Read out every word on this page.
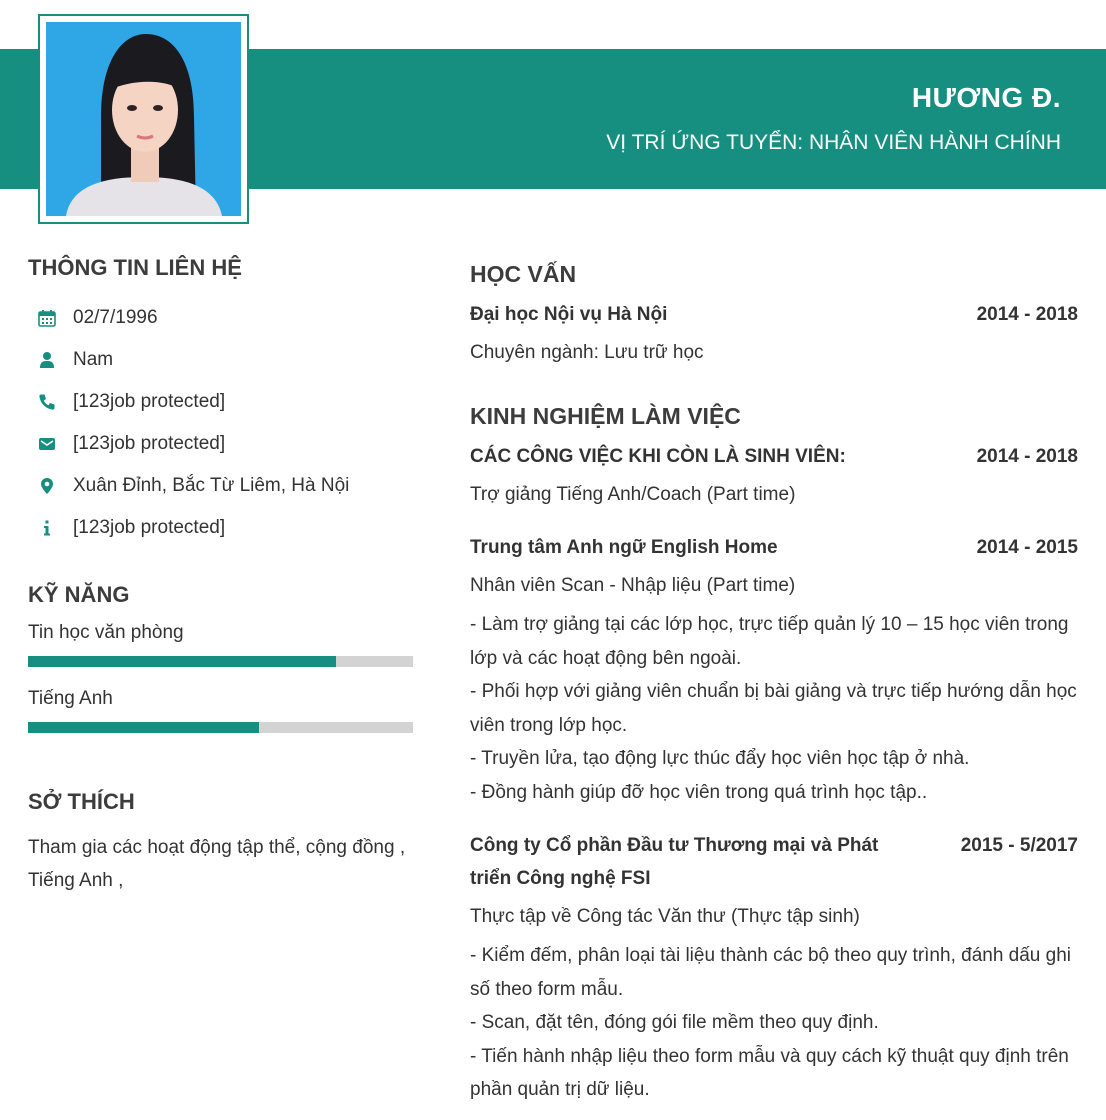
HƯƠNG Đ.
VỊ TRÍ ỨNG TUYỂN: NHÂN VIÊN HÀNH CHÍNH
THÔNG TIN LIÊN HỆ
02/7/1996
Nam
[123job protected]
[123job protected]
Xuân Đỉnh, Bắc Từ Liêm, Hà Nội
[123job protected]
KỸ NĂNG
Tin học văn phòng
Tiếng Anh
SỞ THÍCH
Tham gia các hoạt động tập thể, cộng đồng , Tiếng Anh ,
HỌC VẤN
Đại học Nội vụ Hà Nội	2014 - 2018
Chuyên ngành: Lưu trữ học
KINH NGHIỆM LÀM VIỆC
CÁC CÔNG VIỆC KHI CÒN LÀ SINH VIÊN:	2014 - 2018
Trợ giảng Tiếng Anh/Coach (Part time)
Trung tâm Anh ngữ English Home	2014 - 2015
Nhân viên Scan - Nhập liệu (Part time)
- Làm trợ giảng tại các lớp học, trực tiếp quản lý 10 – 15 học viên trong lớp và các hoạt động bên ngoài.
- Phối hợp với giảng viên chuẩn bị bài giảng và trực tiếp hướng dẫn học viên trong lớp học.
- Truyền lửa, tạo động lực thúc đẩy học viên học tập ở nhà.
- Đồng hành giúp đỡ học viên trong quá trình học tập..
Công ty Cổ phần Đầu tư Thương mại và Phát triển Công nghệ FSI
2015 - 5/2017
Thực tập về Công tác Văn thư (Thực tập sinh)
- Kiểm đếm, phân loại tài liệu thành các bộ theo quy trình, đánh dấu ghi số theo form mẫu.
- Scan, đặt tên, đóng gói file mềm theo quy định.
- Tiến hành nhập liệu theo form mẫu và quy cách kỹ thuật quy định trên phần quản trị dữ liệu.
